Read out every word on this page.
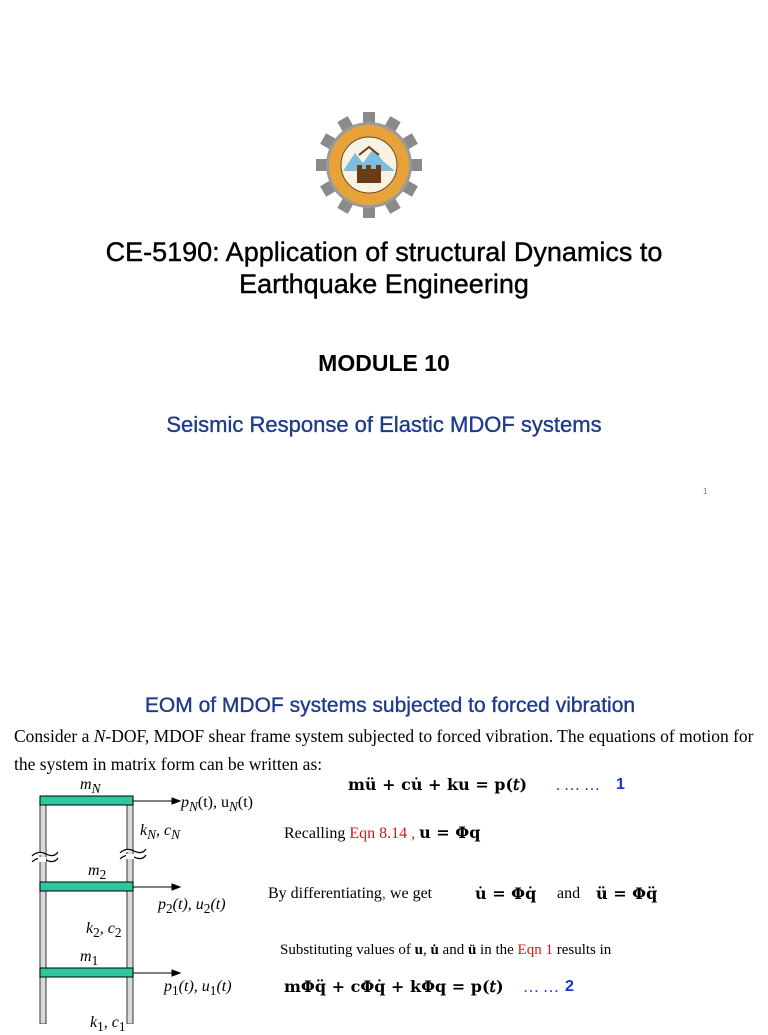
CE-5190: Application of structural Dynamics to
Earthquake Engineering
MODULE 10
Seismic Response of Elastic MDOF systems
1
EOM of MDOF systems subjected to forced vibration
Consider a N-DOF, MDOF shear frame system subjected to forced vibration. The equations of motion for the system in matrix form can be written as:
$m_N$
$p_N(t)$, $u_N(t)$
$k_N$, $c_N$
$m_2$
$p_2(t)$, $u_2(t)$
$k_2$, $c_2$
$m_1$
$p_1(t)$, $u_1(t)$
$k_1$, $c_1$
mü + cu̇ + ku = p(𝑡) . … … 1
Recalling Eqn 8.14 , u = Φq
By differentiating, we get	u̇ = Φq̇ and ü = Φq̈
Substituting values of u, u̇ and ü in the Eqn 1 results in
mΦq̈ + cΦq̇ + kΦq = p(𝑡) … … 2
